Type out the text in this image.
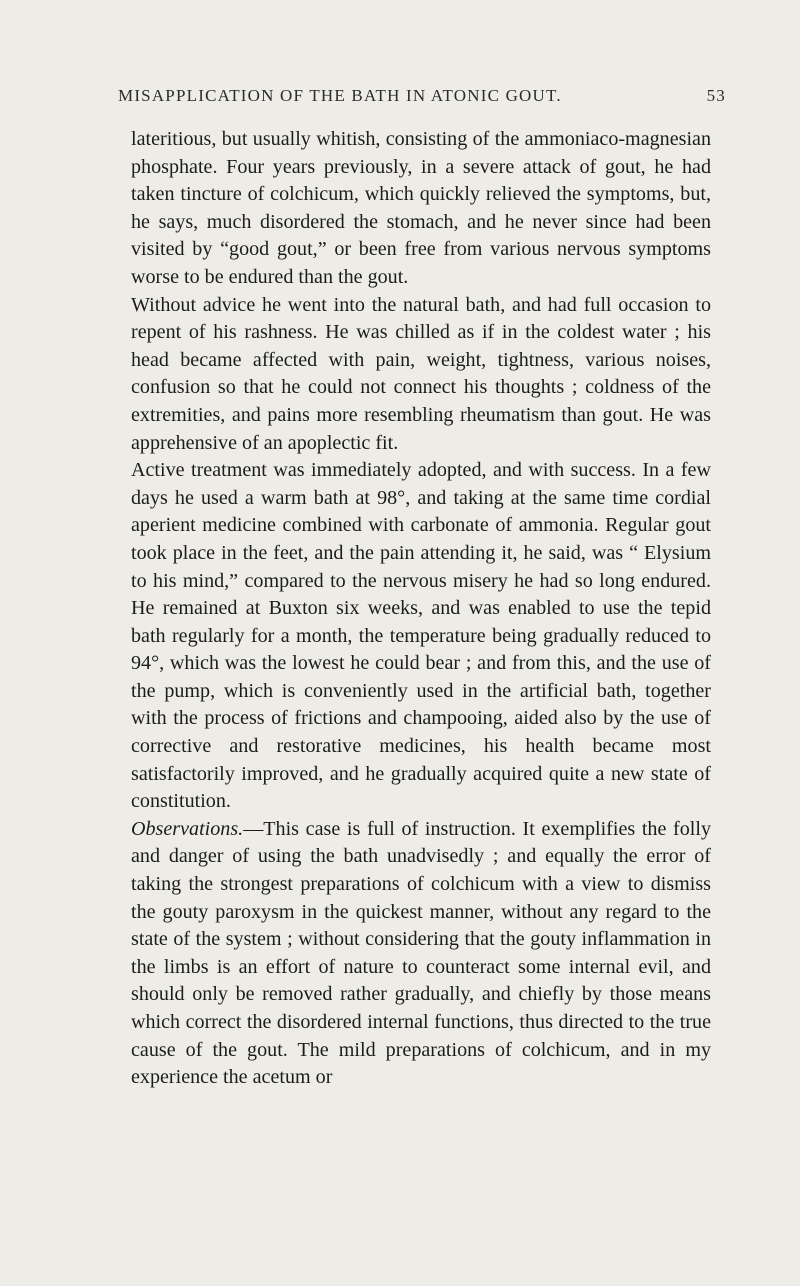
MISAPPLICATION OF THE BATH IN ATONIC GOUT.	53

lateritious, but usually whitish, consisting of the ammoniaco-magnesian phosphate. Four years previously, in a severe attack of gout, he had taken tincture of colchicum, which quickly relieved the symptoms, but, he says, much disordered the stomach, and he never since had been visited by “good gout,” or been free from various nervous symptoms worse to be endured than the gout.

Without advice he went into the natural bath, and had full occasion to repent of his rashness. He was chilled as if in the coldest water ; his head became affected with pain, weight, tightness, various noises, confusion so that he could not connect his thoughts ; coldness of the extremities, and pains more resembling rheumatism than gout. He was apprehensive of an apoplectic fit.

Active treatment was immediately adopted, and with success. In a few days he used a warm bath at 98°, and taking at the same time cordial aperient medicine combined with carbonate of ammonia. Regular gout took place in the feet, and the pain attending it, he said, was “ Elysium to his mind,” compared to the nervous misery he had so long endured. He remained at Buxton six weeks, and was enabled to use the tepid bath regularly for a month, the temperature being gradually reduced to 94°, which was the lowest he could bear ; and from this, and the use of the pump, which is conveniently used in the artificial bath, together with the process of frictions and champooing, aided also by the use of corrective and restorative medicines, his health became most satisfactorily improved, and he gradually acquired quite a new state of constitution.

Observations.—This case is full of instruction. It exemplifies the folly and danger of using the bath unadvisedly ; and equally the error of taking the strongest preparations of colchicum with a view to dismiss the gouty paroxysm in the quickest manner, without any regard to the state of the system ; without considering that the gouty inflammation in the limbs is an effort of nature to counteract some internal evil, and should only be removed rather gradually, and chiefly by those means which correct the disordered internal functions, thus directed to the true cause of the gout. The mild preparations of colchicum, and in my experience the acetum or
